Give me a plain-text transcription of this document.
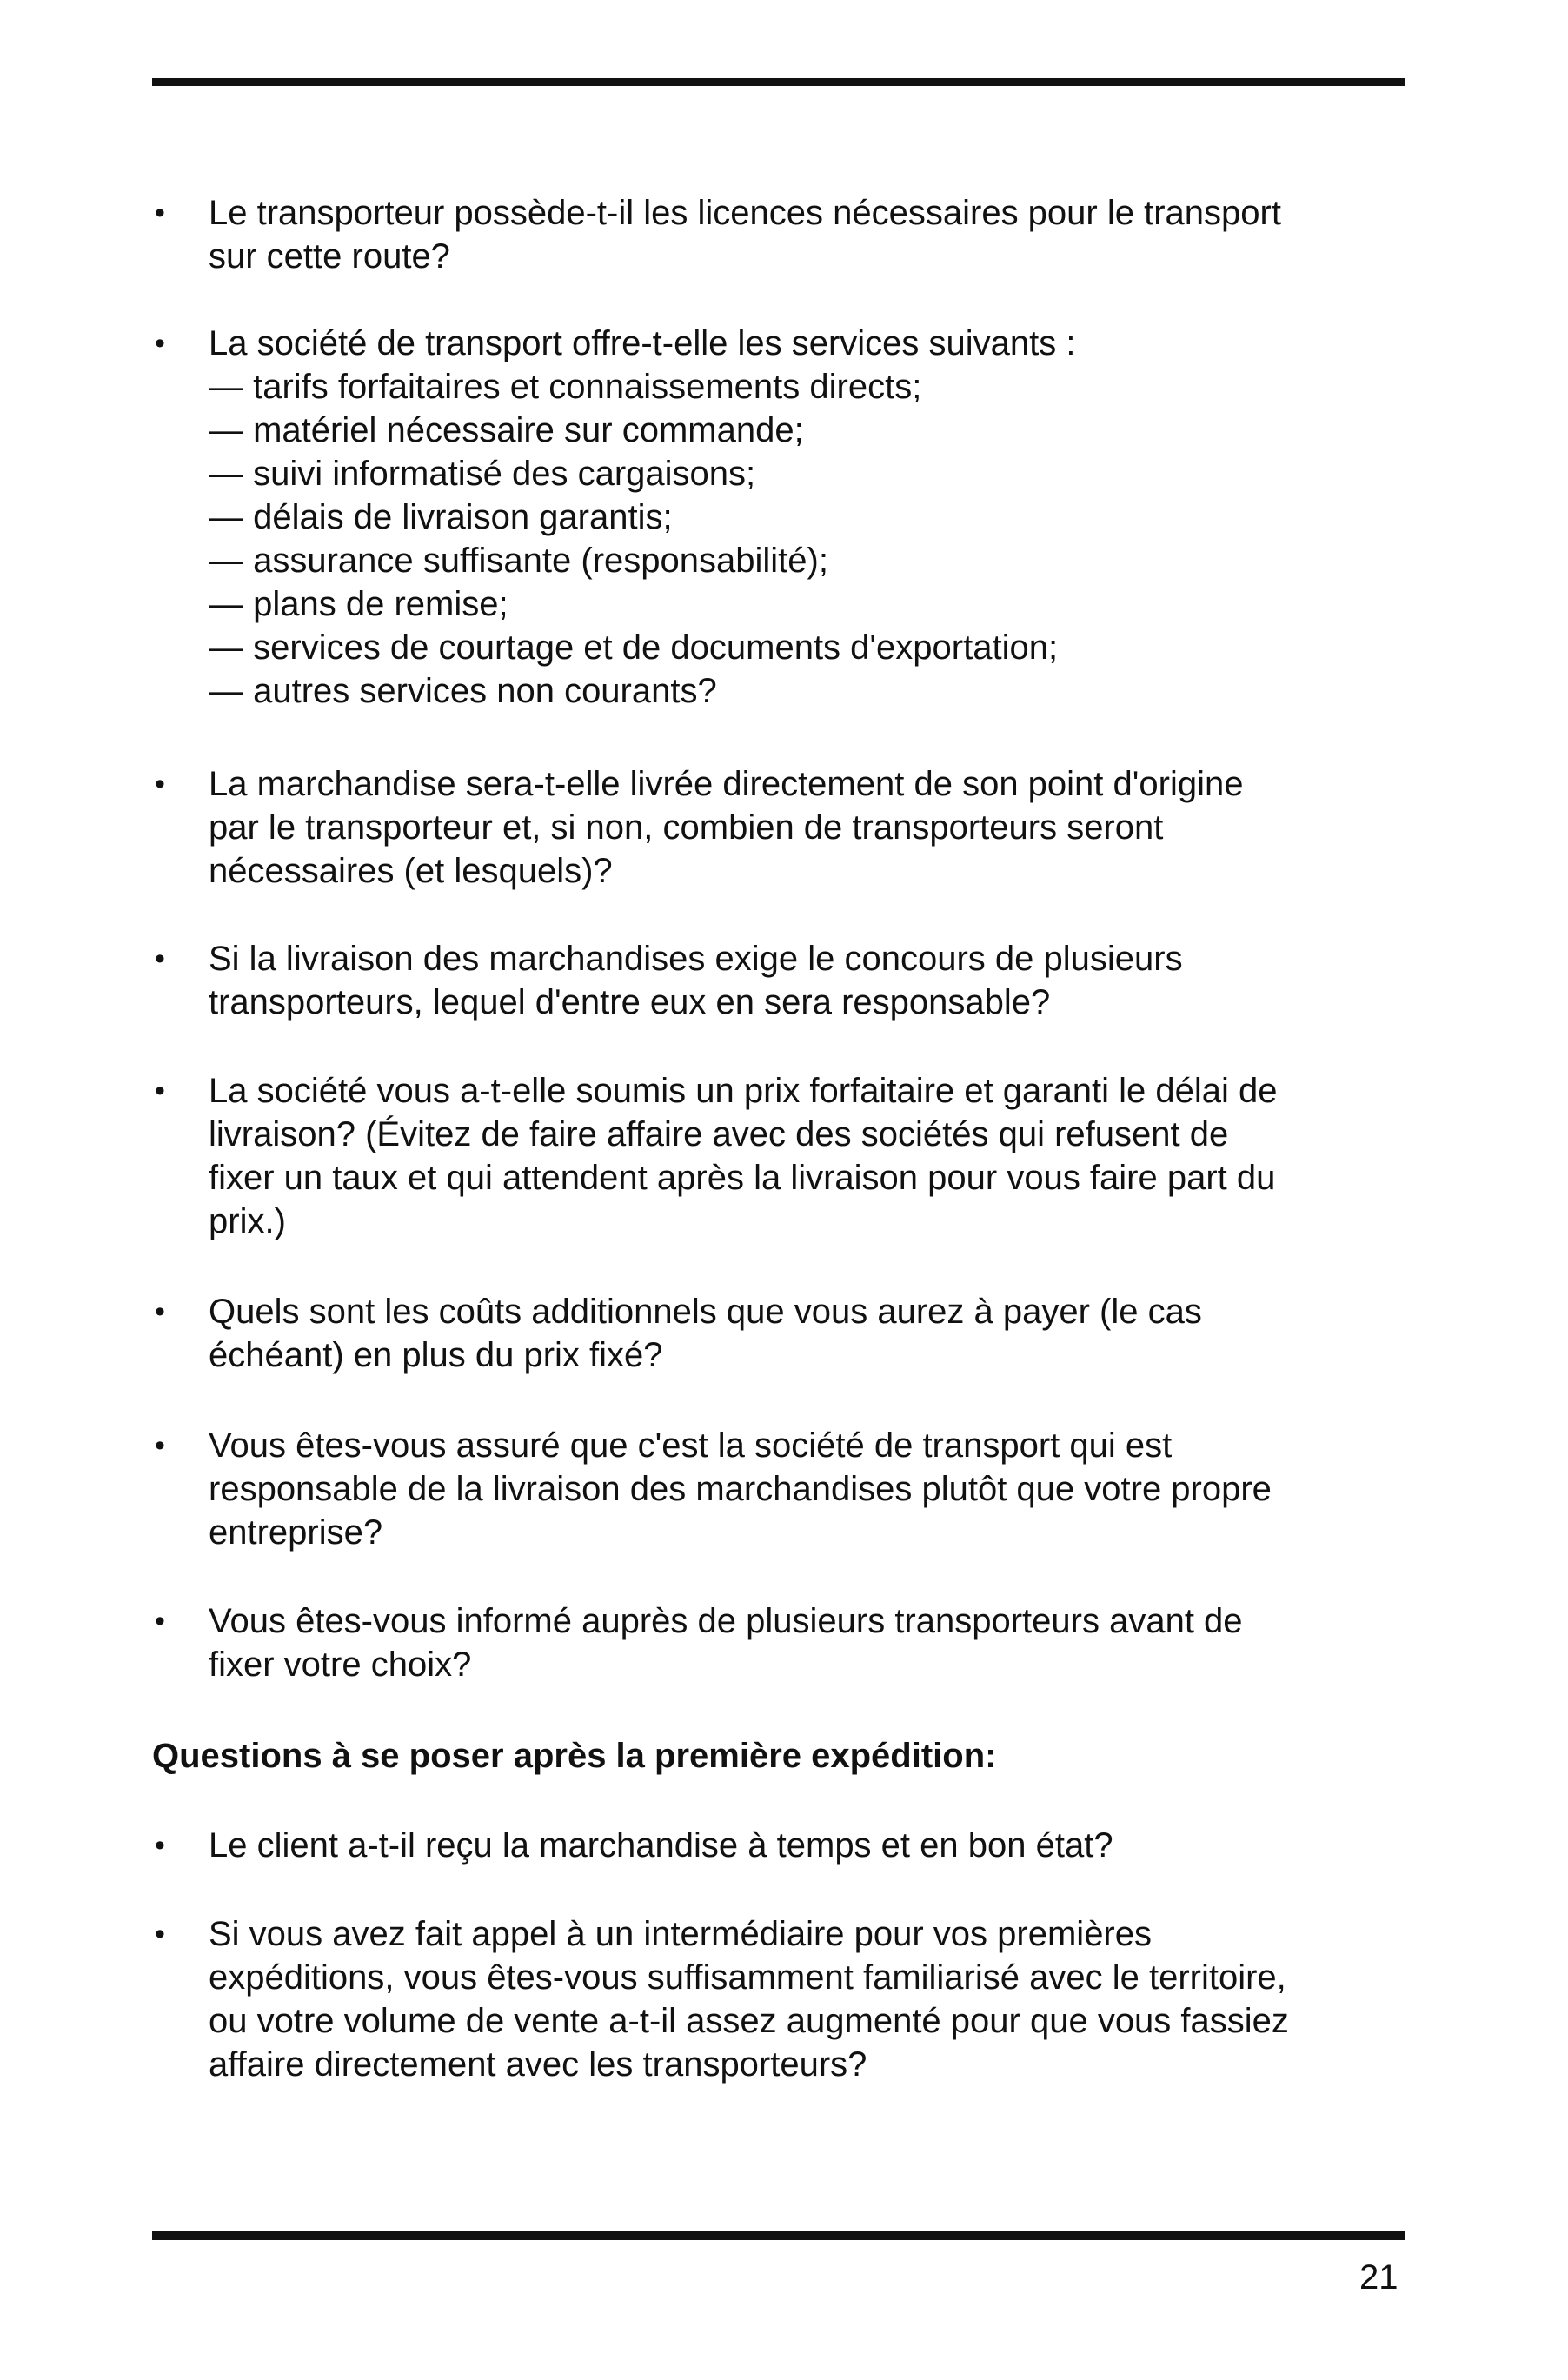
• Le transporteur possède-t-il les licences nécessaires pour le transport
sur cette route?
• La société de transport offre-t-elle les services suivants :
— tarifs forfaitaires et connaissements directs;
— matériel nécessaire sur commande;
— suivi informatisé des cargaisons;
— délais de livraison garantis;
— assurance suffisante (responsabilité);
— plans de remise;
— services de courtage et de documents d'exportation;
— autres services non courants?
• La marchandise sera-t-elle livrée directement de son point d'origine
par le transporteur et, si non, combien de transporteurs seront
nécessaires (et lesquels)?
• Si la livraison des marchandises exige le concours de plusieurs
transporteurs, lequel d'entre eux en sera responsable?
• La société vous a-t-elle soumis un prix forfaitaire et garanti le délai de
livraison? (Évitez de faire affaire avec des sociétés qui refusent de
fixer un taux et qui attendent après la livraison pour vous faire part du
prix.)
• Quels sont les coûts additionnels que vous aurez à payer (le cas
échéant) en plus du prix fixé?
• Vous êtes-vous assuré que c'est la société de transport qui est
responsable de la livraison des marchandises plutôt que votre propre
entreprise?
• Vous êtes-vous informé auprès de plusieurs transporteurs avant de
fixer votre choix?
Questions à se poser après la première expédition:
• Le client a-t-il reçu la marchandise à temps et en bon état?
• Si vous avez fait appel à un intermédiaire pour vos premières
expéditions, vous êtes-vous suffisamment familiarisé avec le territoire,
ou votre volume de vente a-t-il assez augmenté pour que vous fassiez
affaire directement avec les transporteurs?
21
